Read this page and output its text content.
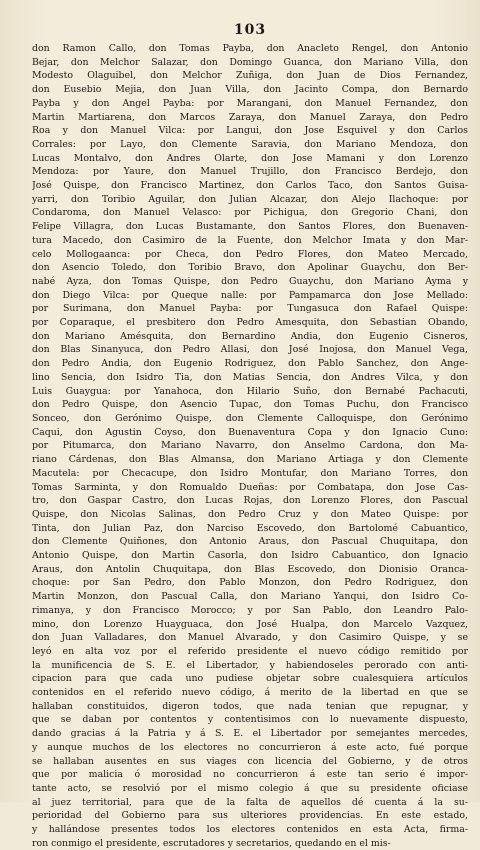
103
don Ramon Callo, don Tomas Payba, don Anacleto Rengel, don Antonio
Bejar, don Melchor Salazar, don Domingo Guanca, don Mariano Villa, don
Modesto Olaguibel, don Melchor Zuñiga, don Juan de Dios Fernandez,
don Eusebio Mejia, don Juan Villa, don Jacinto Compa, don Bernardo
Payba y don Angel Payba: por Marangani, don Manuel Fernandez, don
Martin Martiarena, don Marcos Zaraya, don Manuel Zaraya, don Pedro
Roa y don Manuel Vilca: por Langui, don Jose Esquivel y don Carlos
Corrales: por Layo, don Clemente Saravia, don Mariano Mendoza, don
Lucas Montalvo, don Andres Olarte, don Jose Mamani y don Lorenzo
Mendoza: por Yaure, don Manuel Trujillo, don Francisco Berdejo, don
José Quispe, don Francisco Martinez, don Carlos Taco, don Santos Guisa-
yarri, don Toribio Aguilar, don Julian Alcazar, don Alejo Ilachoque: por
Condaroma, don Manuel Velasco: por Pichigua, don Gregorio Chani, don
Felipe Villagra, don Lucas Bustamante, don Santos Flores, don Buenaven-
tura Macedo, don Casimiro de la Fuente, don Melchor Imata y don Mar-
celo Mollogaanca: por Checa, don Pedro Flores, don Mateo Mercado,
don Asencio Toledo, don Toribio Bravo, don Apolinar Guaychu, don Ber-
nabé Ayza, don Tomas Quispe, don Pedro Guaychu, don Mariano Ayma y
don Diego Vilca: por Queque nalle: por Pampamarca don Jose Mellado:
por Surimana, don Manuel Payba: por Tungasuca don Rafael Quispe:
por Coparaque, el presbitero don Pedro Amesquita, don Sebastian Obando,
don Mariano Amésquita, don Bernardino Andia, don Eugenio Cisneros,
don Blas Sinanyuca, don Pedro Allasi, don José Inojosa, don Manuel Vega,
don Pedro Andia, don Eugenio Rodriguez, don Pablo Sanchez, don Ange-
lino Sencia, don Isidro Tia, don Matias Sencia, don Andres Vilca, y don
Luis Guaygua: por Yanahoca, don Hilario Suño, don Bernabé Pachacuti,
don Pedro Quispe, don Asencio Tupac, don Tomas Puchu, don Francisco
Sonceo, don Gerónimo Quispe, don Clemente Calloquispe, don Gerónimo
Caqui, don Agustin Coyso, don Buenaventura Copa y don Ignacio Cuno:
por Pitumarca, don Mariano Navarro, don Anselmo Cardona, don Ma-
riano Cárdenas, don Blas Almansa, don Mariano Artiaga y don Clemente
Macutela: por Checacupe, don Isidro Montufar, don Mariano Torres, don
Tomas Sarminta, y don Romualdo Dueñas: por Combatapa, don Jose Cas-
tro, don Gaspar Castro, don Lucas Rojas, don Lorenzo Flores, don Pascual
Quispe, don Nicolas Salinas, don Pedro Cruz y don Mateo Quispe: por
Tinta, don Julian Paz, don Narciso Escovedo, don Bartolomé Cabuantico,
don Clemente Quiñones, don Antonio Araus, don Pascual Chuquitapa, don
Antonio Quispe, don Martin Casorla, don Isidro Cabuantico, don Ignacio
Araus, don Antolin Chuquitapa, don Blas Escovedo, don Dionisio Oranca-
choque: por San Pedro, don Pablo Monzon, don Pedro Rodriguez, don
Martin Monzon, don Pascual Calla, don Mariano Yanqui, don Isidro Co-
rimanya, y don Francisco Morocco; y por San Pablo, don Leandro Palo-
mino, don Lorenzo Huayguaca, don José Hualpa, don Marcelo Vazquez,
don Juan Valladares, don Manuel Alvarado, y don Casimiro Quispe, y se
leyó en alta voz por el referido presidente el nuevo código remitido por
la munificencia de S. E. el Libertador, y habiendoseles perorado con anti-
cipacion para que cada uno pudiese objetar sobre cualesquiera artículos
contenidos en el referido nuevo código, á merito de la libertad en que se
hallaban constituidos, digeron todos, que nada tenian que repugnar, y
que se daban por contentos y contentisimos con lo nuevamente dispuesto,
dando gracias á la Patria y á S. E. el Libertador por semejantes mercedes,
y aunque muchos de los electores no concurrieron á este acto, fué porque
se hallaban ausentes en sus viages con licencia del Gobierno, y de otros
que por malicia ó morosidad no concurrieron á este tan serio é impor-
tante acto, se resolvió por el mismo colegio á que su presidente oficiase
al juez territorial, para que de la falta de aquellos dé cuenta á la su-
perioridad del Gobierno para sus ulteriores providencias. En este estado,
y hallándose presentes todos los electores contenidos en esta Acta, firma-
ron conmigo el presidente, escrutadores y secretarios, quedando en el mis-
